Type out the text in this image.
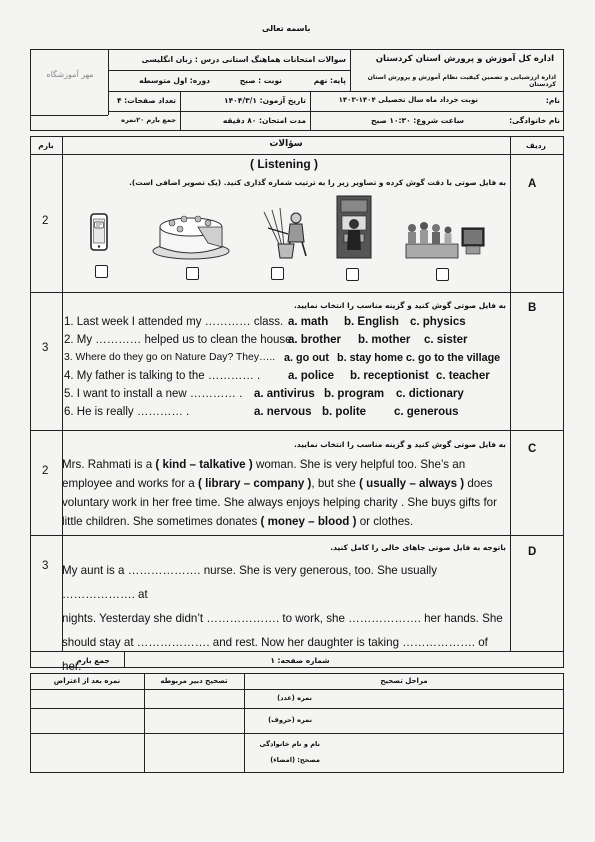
باسمه تعالی
اداره کل آموزش و پرورش استان کردستان
اداره ارزشیابی و تضمین کیفیت نظام آموزش و پرورش استان کردستان
سوالات امتحانات هماهنگ استانی درس : زبان انگلیسی
پایه: نهم
نوبت : صبح
دوره: اول متوسطه
نام:
نام خانوادگی:
نوبت خرداد ماه سال تحصیلی ۱۴۰۴-۱۴۰۳
ساعت شروع: ۱۰:۳۰ صبح
تاریخ آزمون: ۱۴۰۴/۳/۱
مدت امتحان: ۸۰ دقیقه
تعداد صفحات: ۴
جمع بارم ۲۰نمره
مهر آموزشگاه
ردیف
سؤالات
بارم
( Listening )
A
2
به فایل صوتی با دقت گوش کرده و تصاویر زیر را به ترتیب شماره گذاری کنید. (یک تصویر اضافی است).
B
3
به فایل صوتی گوش کنید و گزینه مناسب را انتخاب نمایید.
1. Last week I attended my ………… class. a. math b. English c. physics
2. My ………… helped us to clean the house.
a. brother b. mother c. sister
3. Where do they go on Nature Day? They….. a. go out b. stay home c. go to the village
4. My father is talking to the ………… . a. police b. receptionist c. teacher
5. I want to install a new ………… . a. antivirus b. program c. dictionary
6. He is really ………… .	a. nervous b. polite c. generous
C
2
به فایل صوتی گوش کنید و گزینه مناسب را انتخاب نمایید.
Mrs. Rahmati is a ( kind – talkative ) woman. She is very helpful too. She’s an
employee and works for a ( library – company ), but she ( usually – always ) does
voluntary work in her free time. She always enjoys helping charity . She buys gifts for
little children. She sometimes donates ( money – blood ) or clothes.
D
3
باتوجه به فایل صوتی جاهای خالی را کامل کنید.
My aunt is a ………………. nurse. She is very generous, too. She usually ………………. at
nights. Yesterday she didn’t ………………. to work, she ………………. her hands. She
should stay at ………………. and rest. Now her daughter is taking ………………. of her.	شماره صفحه: ۱
جمع بارم
مراحل تصحیح
تصحیح دبیر مربوطه
نمره بعد از اعتراض
نمره (عدد)
نمره (حروف)
نام و نام خانوادگی
مصحح: (امضاء)
